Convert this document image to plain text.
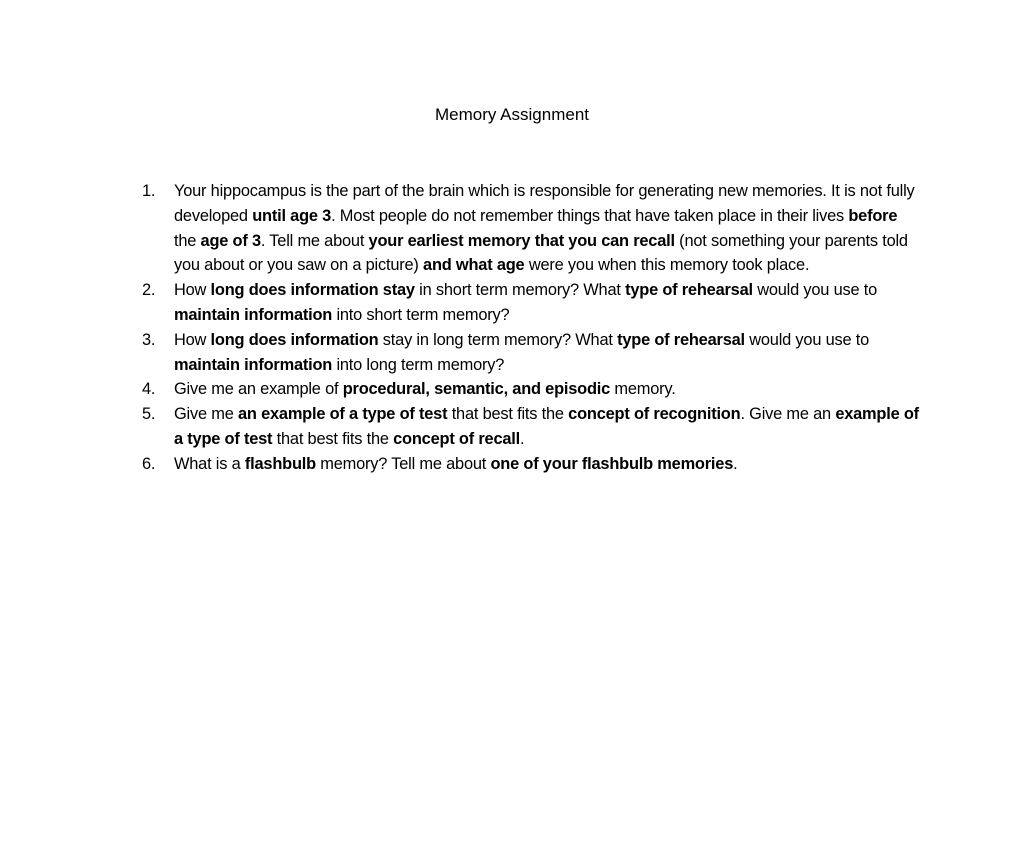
Memory Assignment
1. Your hippocampus is the part of the brain which is responsible for generating new memories. It is not fully developed until age 3. Most people do not remember things that have taken place in their lives before the age of 3. Tell me about your earliest memory that you can recall (not something your parents told you about or you saw on a picture) and what age were you when this memory took place.
2. How long does information stay in short term memory? What type of rehearsal would you use to maintain information into short term memory?
3. How long does information stay in long term memory? What type of rehearsal would you use to maintain information into long term memory?
4. Give me an example of procedural, semantic, and episodic memory.
5. Give me an example of a type of test that best fits the concept of recognition. Give me an example of a type of test that best fits the concept of recall.
6. What is a flashbulb memory? Tell me about one of your flashbulb memories.
